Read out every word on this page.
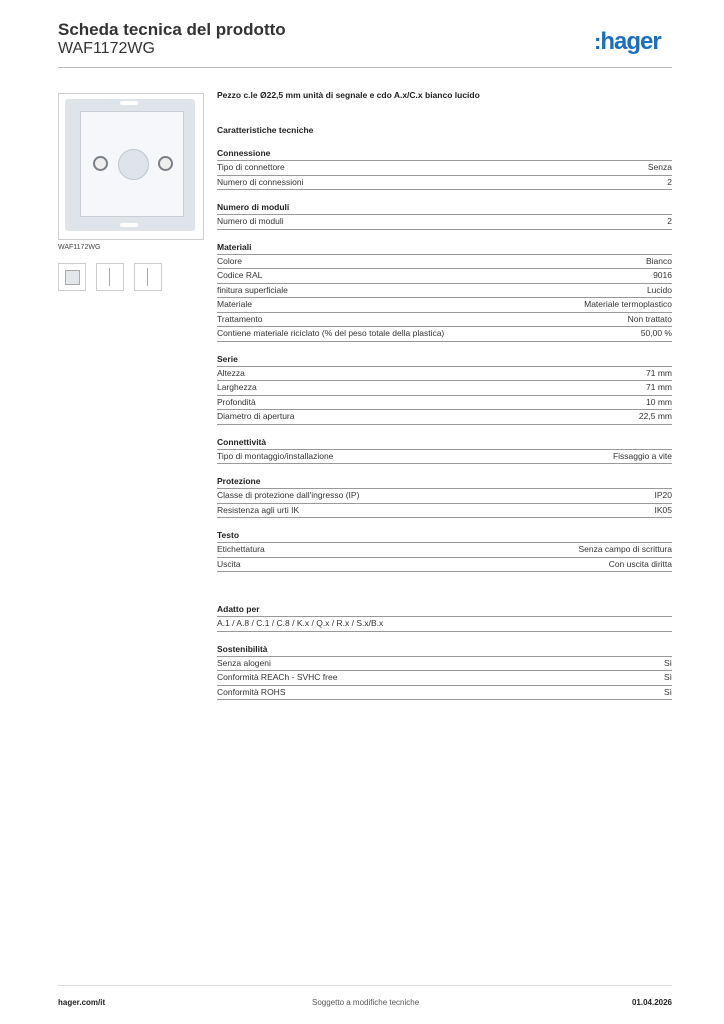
Scheda tecnica del prodotto
WAF1172WG	:hager
WAF1172WG
Pezzo c.le Ø22,5 mm unità di segnale e cdo A.x/C.x bianco lucido
Caratteristiche tecniche
Connessione
Tipo di connettore	Senza
Numero di connessioni	2
Numero di moduli
Numero di moduli	2
Materiali
Colore	Bianco
Codice RAL	9016
finitura superficiale	Lucido
Materiale	Materiale termoplastico
Trattamento	Non trattato
Contiene materiale riciclato (% del peso totale della plastica)	50,00 %
Serie
Altezza	71 mm
Larghezza	71 mm
Profondità	10 mm
Diametro di apertura	22,5 mm
Connettività
Tipo di montaggio/installazione	Fissaggio a vite
Protezione
Classe di protezione dall'ingresso (IP)	IP20
Resistenza agli urti IK	IK05
Testo
Etichettatura	Senza campo di scrittura
Uscita	Con uscita diritta
Adatto per
A.1 / A.8 / C.1 / C.8 / K.x / Q.x / R.x / S.x/B.x
Sostenibilità
Senza alogeni	Sì
Conformità REACh - SVHC free	Sì
Conformità ROHS	Sì
hager.com/it	Soggetto a modifiche tecniche	01.04.2026
